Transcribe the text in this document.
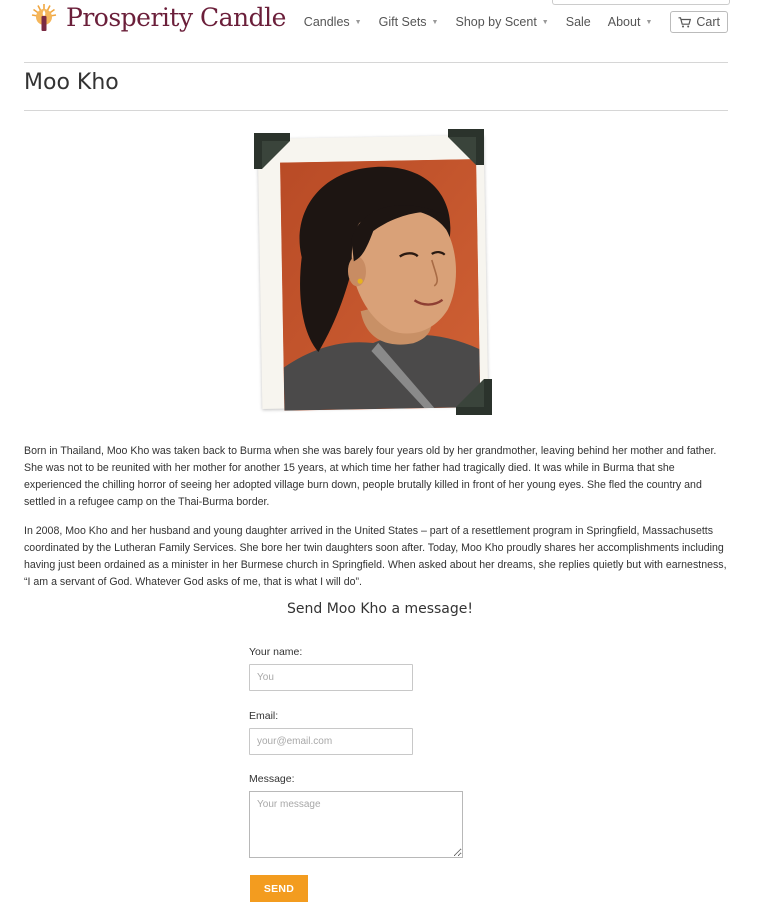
Prosperity Candle Candles ▼ Gift Sets ▼ Shop by Scent ▼ Sale About ▼	Cart
Moo Kho

Born in Thailand, Moo Kho was taken back to Burma when she was barely four years old by her grandmother, leaving behind her mother and father. She was not to be reunited with her mother for another 15 years, at which time her father had tragically died. It was while in Burma that she experienced the chilling horror of seeing her adopted village burn down, people brutally killed in front of her young eyes. She fled the country and settled in a refugee camp on the Thai-Burma border.

In 2008, Moo Kho and her husband and young daughter arrived in the United States – part of a resettlement program in Springfield, Massachusetts coordinated by the Lutheran Family Services. She bore her twin daughters soon after. Today, Moo Kho proudly shares her accomplishments including having just been ordained as a minister in her Burmese church in Springfield. When asked about her dreams, she replies quietly but with earnestness, “I am a servant of God. Whatever God asks of me, that is what I will do”.

Send Moo Kho a message!
Your name:
You
Email:
your@email.com
Message:
Your message
SEND
